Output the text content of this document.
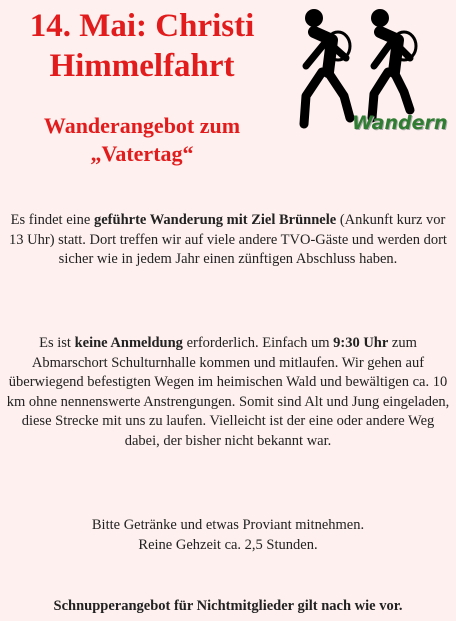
14. Mai: Christi
Himmelfahrt
Wanderangebot zum
„Vatertag“
Wandern
Es findet eine geführte Wanderung mit Ziel Brünnele (Ankunft kurz vor 13 Uhr) statt. Dort treffen wir auf viele andere TVO-Gäste und werden dort sicher wie in jedem Jahr einen zünftigen Abschluss haben.
Es ist keine Anmeldung erforderlich. Einfach um 9:30 Uhr zum Abmarschort Schulturnhalle kommen und mitlaufen. Wir gehen auf überwiegend befestigten Wegen im heimischen Wald und bewältigen ca. 10 km ohne nennenswerte Anstrengungen. Somit sind Alt und Jung eingeladen, diese Strecke mit uns zu laufen. Vielleicht ist der eine oder andere Weg dabei, der bisher nicht bekannt war.
Bitte Getränke und etwas Proviant mitnehmen.
Reine Gehzeit ca. 2,5 Stunden.
Schnupperangebot für Nichtmitglieder gilt nach wie vor.
